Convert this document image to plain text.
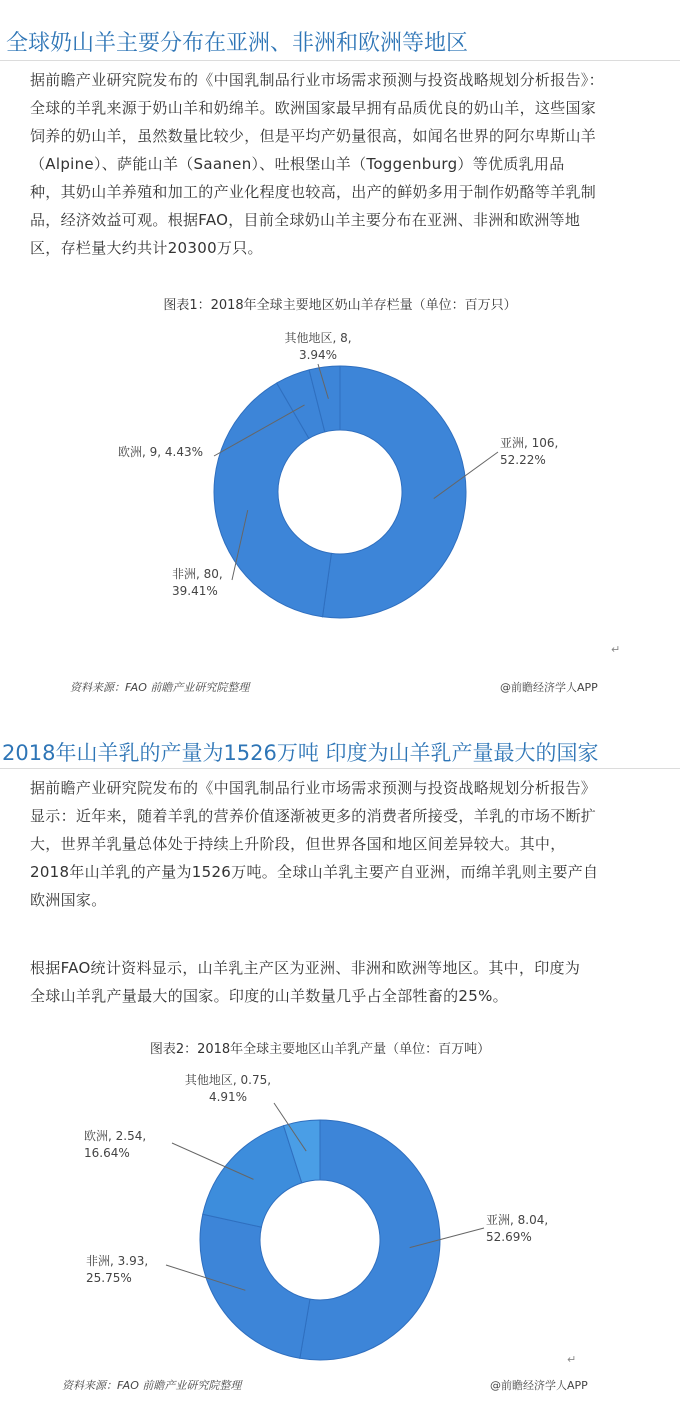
全球奶山羊主要分布在亚洲、非洲和欧洲等地区
据前瞻产业研究院发布的《中国乳制品行业市场需求预测与投资战略规划分析报告》：
全球的羊乳来源于奶山羊和奶绵羊。欧洲国家最早拥有品质优良的奶山羊，这些国家
饲养的奶山羊，虽然数量比较少，但是平均产奶量很高，如闻名世界的阿尔卑斯山羊
（Alpine）、萨能山羊（Saanen）、吐根堡山羊（Toggenburg）等优质乳用品
种，其奶山羊养殖和加工的产业化程度也较高，出产的鲜奶多用于制作奶酪等羊乳制
品，经济效益可观。根据FAO，目前全球奶山羊主要分布在亚洲、非洲和欧洲等地
区，存栏量大约共计20300万只。
图表1：2018年全球主要地区奶山羊存栏量（单位：百万只）
亚洲, 106,
52.22%
非洲, 80,
39.41%
欧洲, 9, 4.43%
其他地区, 8,
3.94%
↵
资料来源：FAO 前瞻产业研究院整理	@前瞻经济学人APP
2018年山羊乳的产量为1526万吨 印度为山羊乳产量最大的国家
据前瞻产业研究院发布的《中国乳制品行业市场需求预测与投资战略规划分析报告》
显示：近年来，随着羊乳的营养价值逐渐被更多的消费者所接受，羊乳的市场不断扩
大，世界羊乳量总体处于持续上升阶段，但世界各国和地区间差异较大。其中，
2018年山羊乳的产量为1526万吨。全球山羊乳主要产自亚洲，而绵羊乳则主要产自
欧洲国家。
根据FAO统计资料显示，山羊乳主产区为亚洲、非洲和欧洲等地区。其中，印度为
全球山羊乳产量最大的国家。印度的山羊数量几乎占全部牲畜的25%。
图表2：2018年全球主要地区山羊乳产量（单位：百万吨）
亚洲, 8.04,
52.69%
非洲, 3.93,
25.75%
欧洲, 2.54,
16.64%
其他地区, 0.75,
4.91%
↵
资料来源：FAO 前瞻产业研究院整理	@前瞻经济学人APP
